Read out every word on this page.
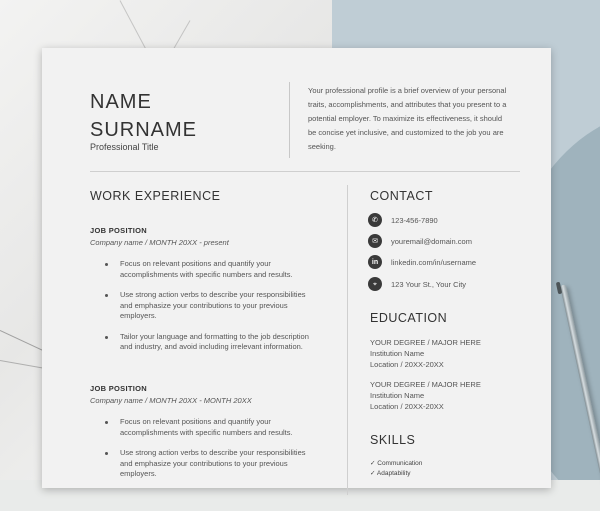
NAME
SURNAME
Professional Title
Your professional profile is a brief overview of your personal traits, accomplishments, and attributes that you present to a potential employer. To maximize its effectiveness, it should be concise yet inclusive, and customized to the job you are seeking.
WORK EXPERIENCE
JOB POSITION
Company name / MONTH 20XX - present
Focus on relevant positions and quantify your accomplishments with specific numbers and results.
Use strong action verbs to describe your responsibilities and emphasize your contributions to your previous employers.
Tailor your language and formatting to the job description and industry, and avoid including irrelevant information.
JOB POSITION
Company name / MONTH 20XX - MONTH 20XX
Focus on relevant positions and quantify your accomplishments with specific numbers and results.
Use strong action verbs to describe your responsibilities and emphasize your contributions to your previous employers.
CONTACT
✆	123-456-7890
✉	youremail@domain.com
in	linkedin.com/in/username
⌖	123 Your St., Your City
EDUCATION
YOUR DEGREE / MAJOR HERE
Institution Name
Location / 20XX-20XX
YOUR DEGREE / MAJOR HERE
Institution Name
Location / 20XX-20XX
SKILLS
✓ Communication
✓ Adaptability
